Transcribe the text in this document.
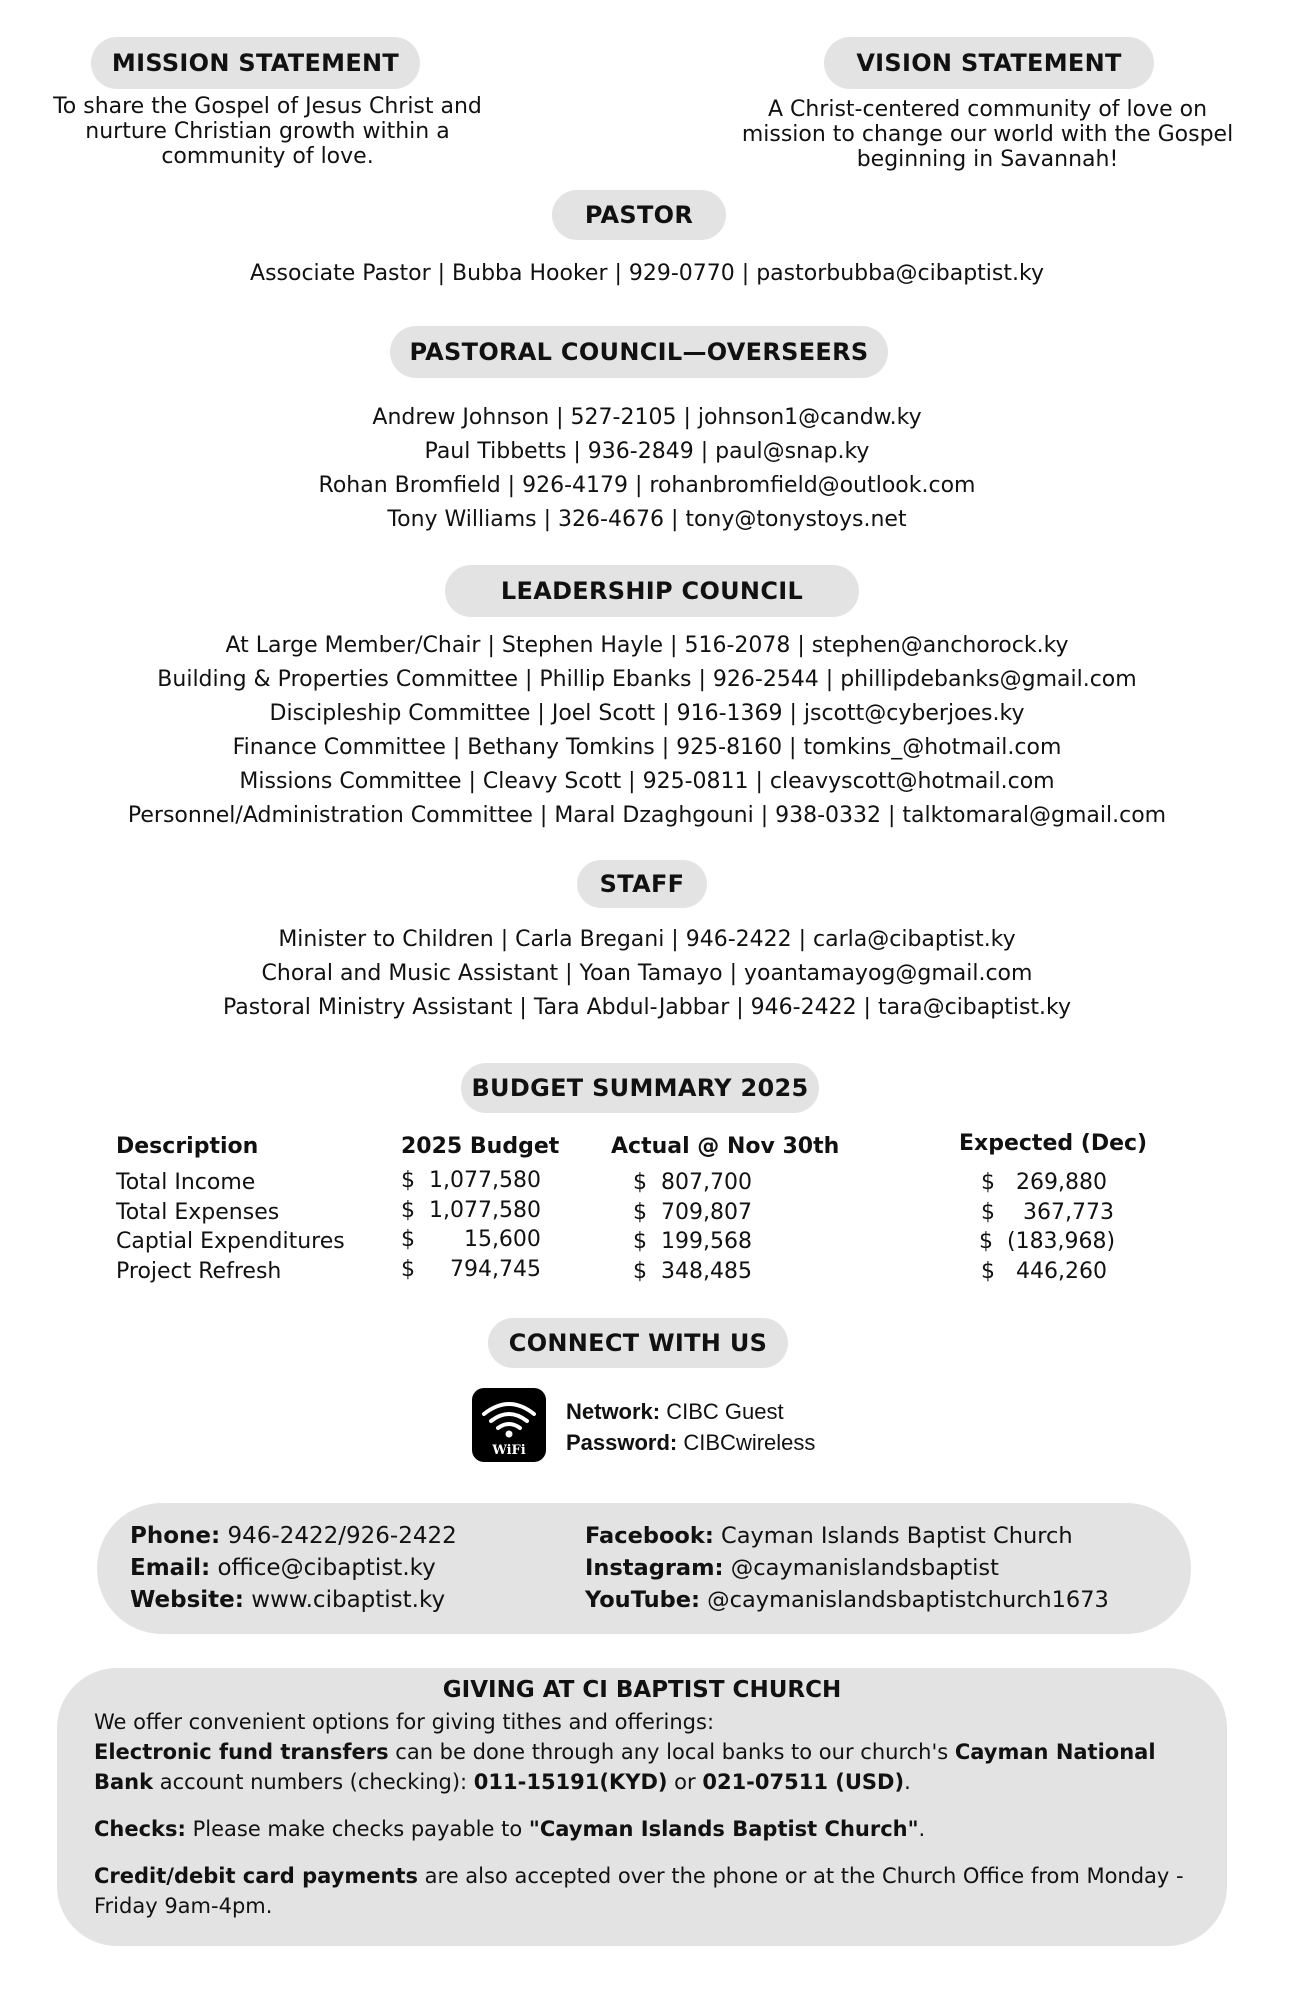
MISSION STATEMENT
To share the Gospel of Jesus Christ and
nurture Christian growth within a
community of love.
VISION STATEMENT
A Christ-centered community of love on
mission to change our world with the Gospel
beginning in Savannah!
PASTOR
Associate Pastor | Bubba Hooker | 929-0770 | pastorbubba@cibaptist.ky
PASTORAL COUNCIL—OVERSEERS
Andrew Johnson | 527-2105 | johnson1@candw.ky
Paul Tibbetts | 936-2849 | paul@snap.ky
Rohan Bromfield | 926-4179 | rohanbromfield@outlook.com
Tony Williams | 326-4676 | tony@tonystoys.net
LEADERSHIP COUNCIL
At Large Member/Chair | Stephen Hayle | 516-2078 | stephen@anchorock.ky
Building & Properties Committee | Phillip Ebanks | 926-2544 | phillipdebanks@gmail.com
Discipleship Committee | Joel Scott | 916-1369 | jscott@cyberjoes.ky
Finance Committee | Bethany Tomkins | 925-8160 | tomkins_@hotmail.com
Missions Committee | Cleavy Scott | 925-0811 | cleavyscott@hotmail.com
Personnel/Administration Committee | Maral Dzaghgouni | 938-0332 | talktomaral@gmail.com
STAFF
Minister to Children | Carla Bregani | 946-2422 | carla@cibaptist.ky
Choral and Music Assistant | Yoan Tamayo | yoantamayog@gmail.com
Pastoral Ministry Assistant | Tara Abdul-Jabbar | 946-2422 | tara@cibaptist.ky
BUDGET SUMMARY 2025
Description	2025 Budget Actual @ Nov 30th	Expected (Dec)
Total Income
Total Expenses
Captial Expenditures
Project Refresh
$  1,077,580
$  1,077,580
$       15,600
$     794,745
$  807,700
$  709,807
$  199,568
$  348,485
$   269,880
$    367,773
$  (183,968)
$   446,260
CONNECT WITH US
WiFi
Network: CIBC Guest
Password: CIBCwireless
Phone: 946-2422/926-2422
Email: office@cibaptist.ky
Website: www.cibaptist.ky
Facebook: Cayman Islands Baptist Church
Instagram: @caymanislandsbaptist
YouTube: @caymanislandsbaptistchurch1673
GIVING AT CI BAPTIST CHURCH
We offer convenient options for giving tithes and offerings:
Electronic fund transfers can be done through any local banks to our church's Cayman National Bank account numbers (checking): 011-15191(KYD) or 021-07511 (USD).
Checks: Please make checks payable to "Cayman Islands Baptist Church".
Credit/debit card payments are also accepted over the phone or at the Church Office from Monday - Friday 9am-4pm.
